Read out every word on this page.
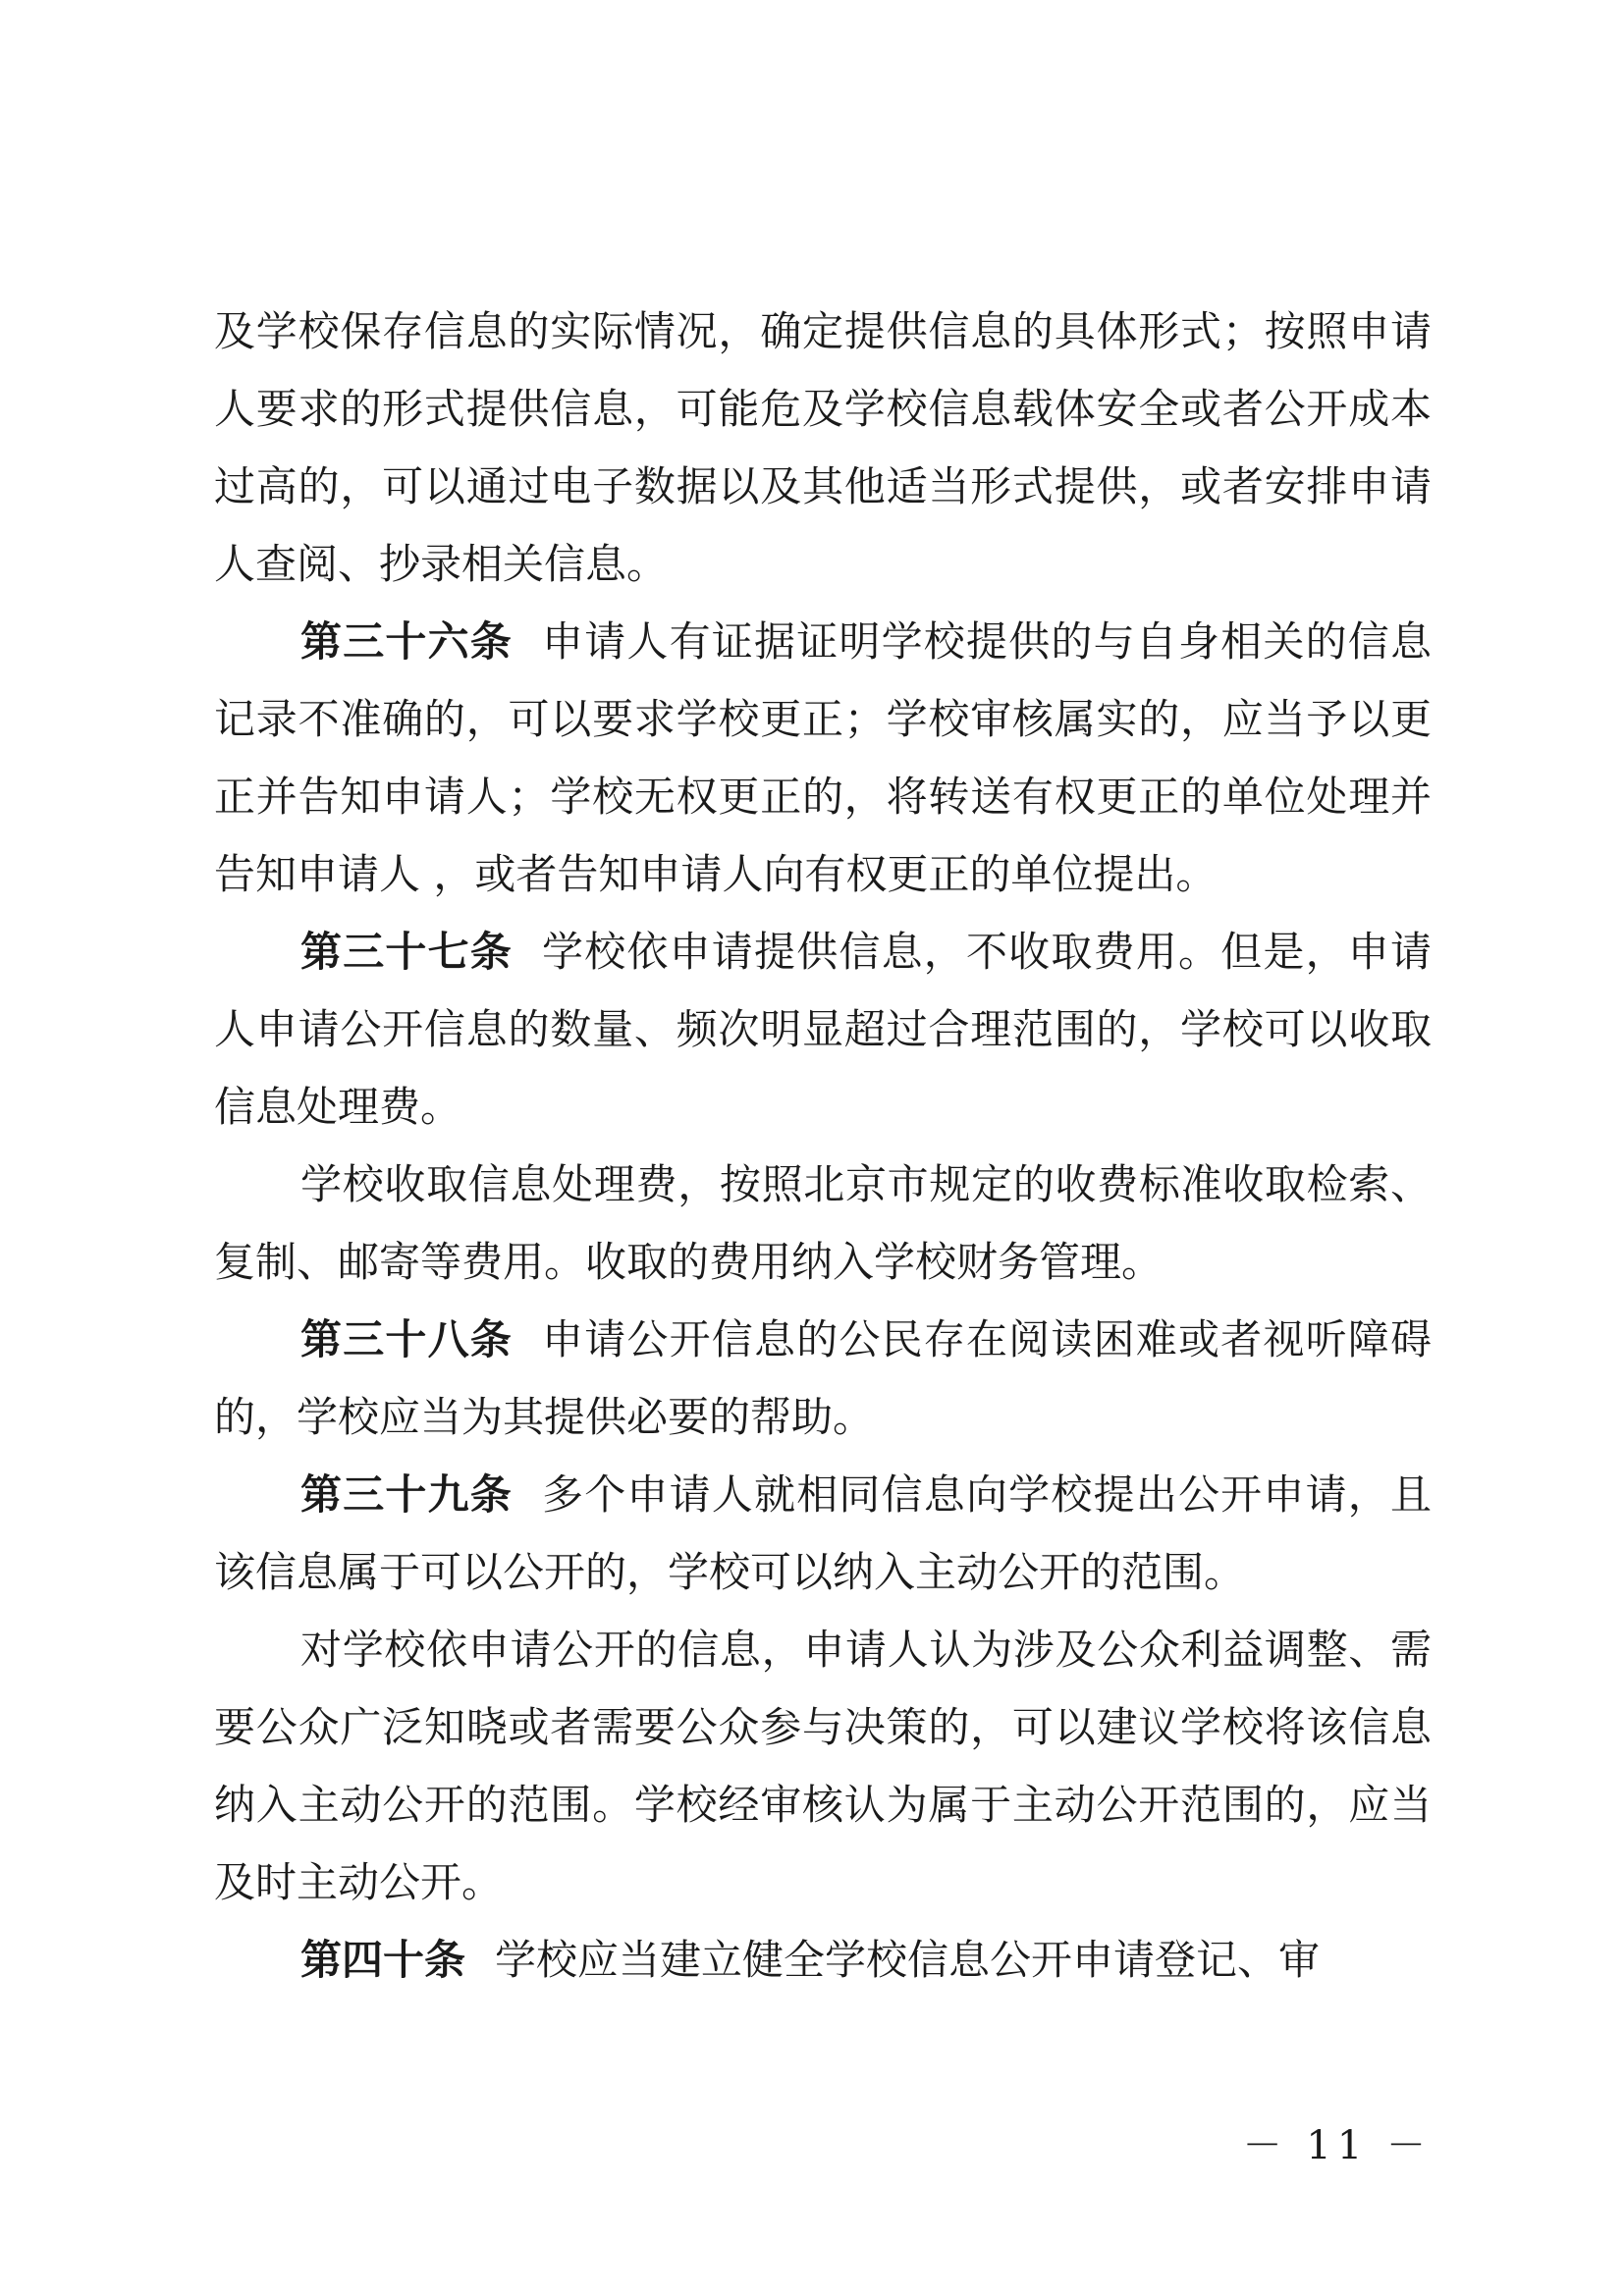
及学校保存信息的实际情况，确定提供信息的具体形式；按照申请人要求的形式提供信息，可能危及学校信息载体安全或者公开成本过高的，可以通过电子数据以及其他适当形式提供，或者安排申请人查阅、抄录相关信息。

第三十六条 申请人有证据证明学校提供的与自身相关的信息记录不准确的，可以要求学校更正；学校审核属实的，应当予以更正并告知申请人；学校无权更正的，将转送有权更正的单位处理并告知申请人 ，或者告知申请人向有权更正的单位提出。

第三十七条 学校依申请提供信息，不收取费用。但是，申请人申请公开信息的数量、频次明显超过合理范围的，学校可以收取信息处理费。

学校收取信息处理费，按照北京市规定的收费标准收取检索、复制、邮寄等费用。收取的费用纳入学校财务管理。

第三十八条 申请公开信息的公民存在阅读困难或者视听障碍的，学校应当为其提供必要的帮助。

第三十九条 多个申请人就相同信息向学校提出公开申请，且该信息属于可以公开的，学校可以纳入主动公开的范围。

对学校依申请公开的信息，申请人认为涉及公众利益调整、需要公众广泛知晓或者需要公众参与决策的，可以建议学校将该信息纳入主动公开的范围。学校经审核认为属于主动公开范围的，应当及时主动公开。

第四十条 学校应当建立健全学校信息公开申请登记、审

－ 11 －
